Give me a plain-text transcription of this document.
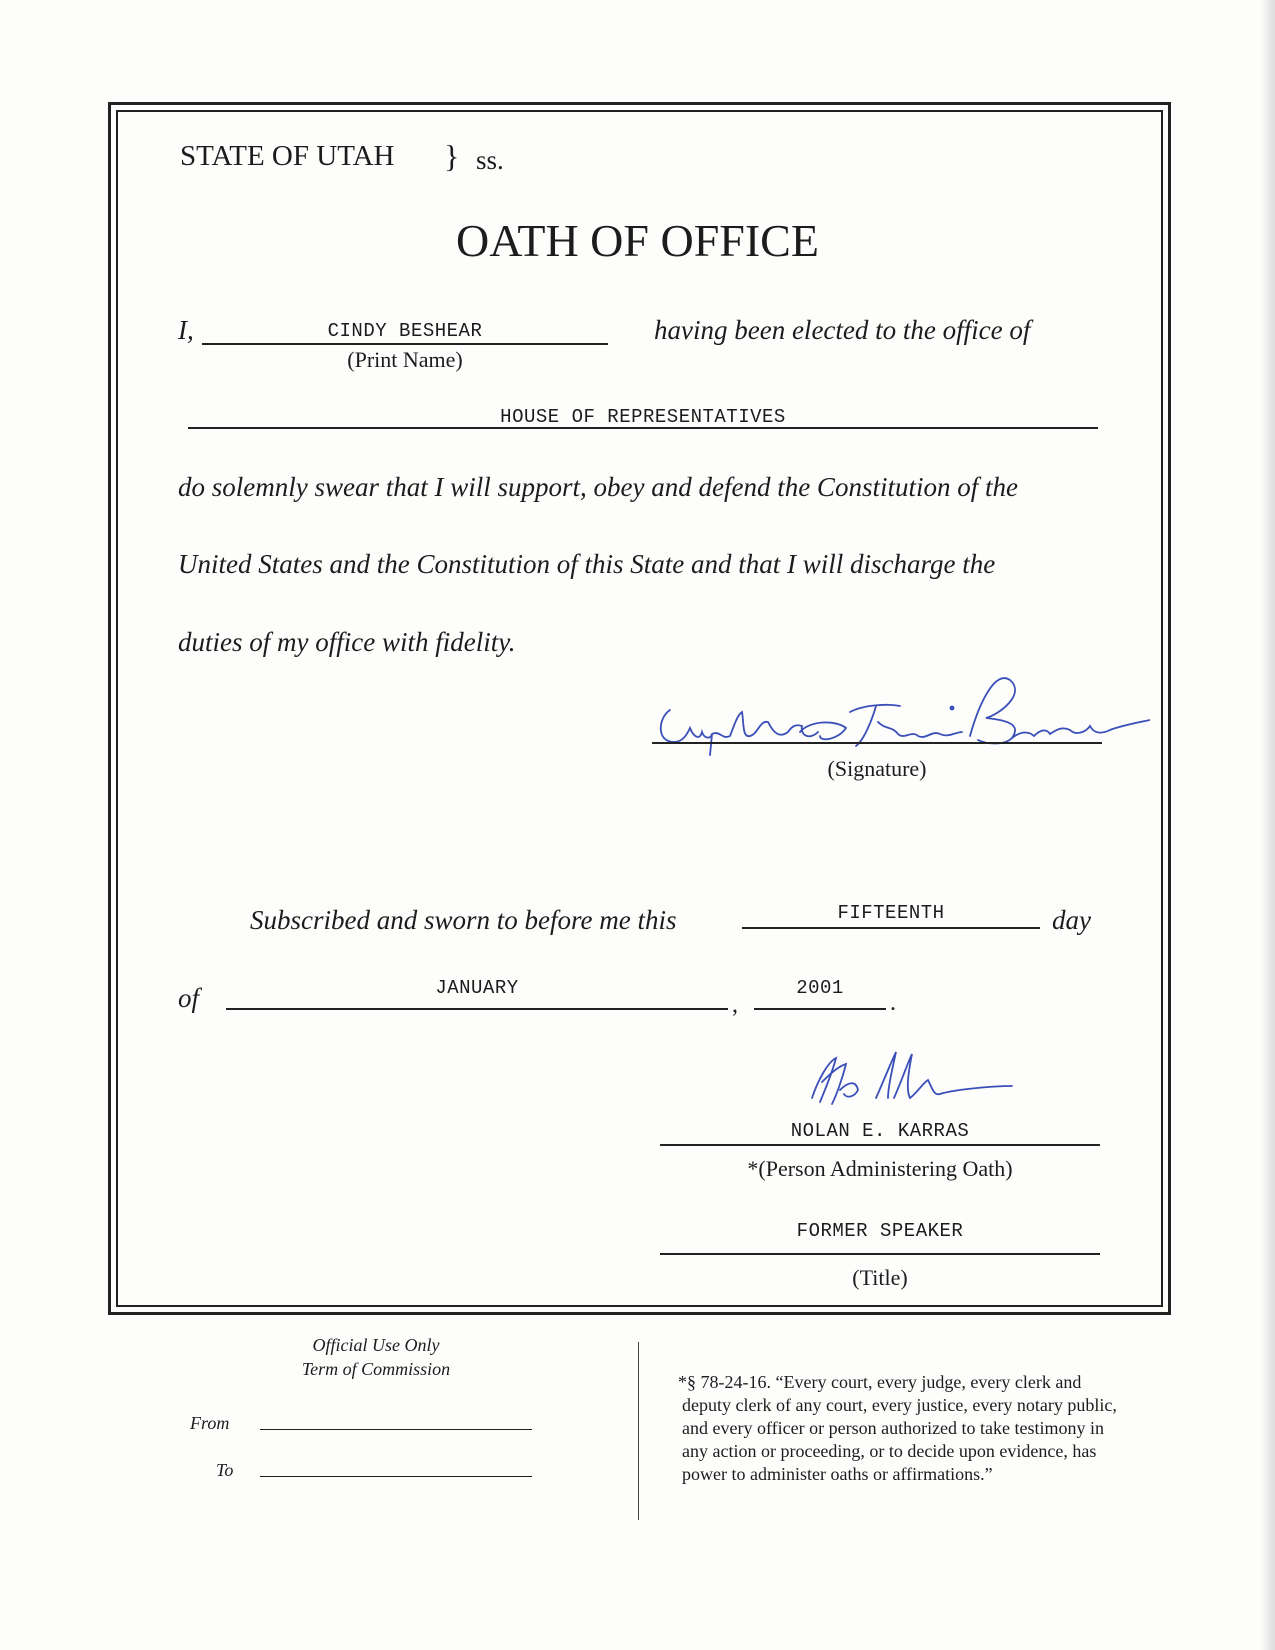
STATE OF UTAH } ss.
OATH OF OFFICE
I,	CINDY BESHEAR
(Print Name)
having been elected to the office of
HOUSE OF REPRESENTATIVES
do solemnly swear that I will support, obey and defend the Constitution of the
United States and the Constitution of this State and that I will discharge the
duties of my office with fidelity.
(Signature)
Subscribed and sworn to before me this	FIFTEENTH	day
of	JANUARY
,
2001
.
NOLAN E. KARRAS
*(Person Administering Oath)
FORMER SPEAKER
(Title)
Official Use Only
Term of Commission
From
To
*§ 78-24-16. “Every court, every judge, every clerk and
deputy clerk of any court, every justice, every notary public,
and every officer or person authorized to take testimony in
any action or proceeding, or to decide upon evidence, has
power to administer oaths or affirmations.”
